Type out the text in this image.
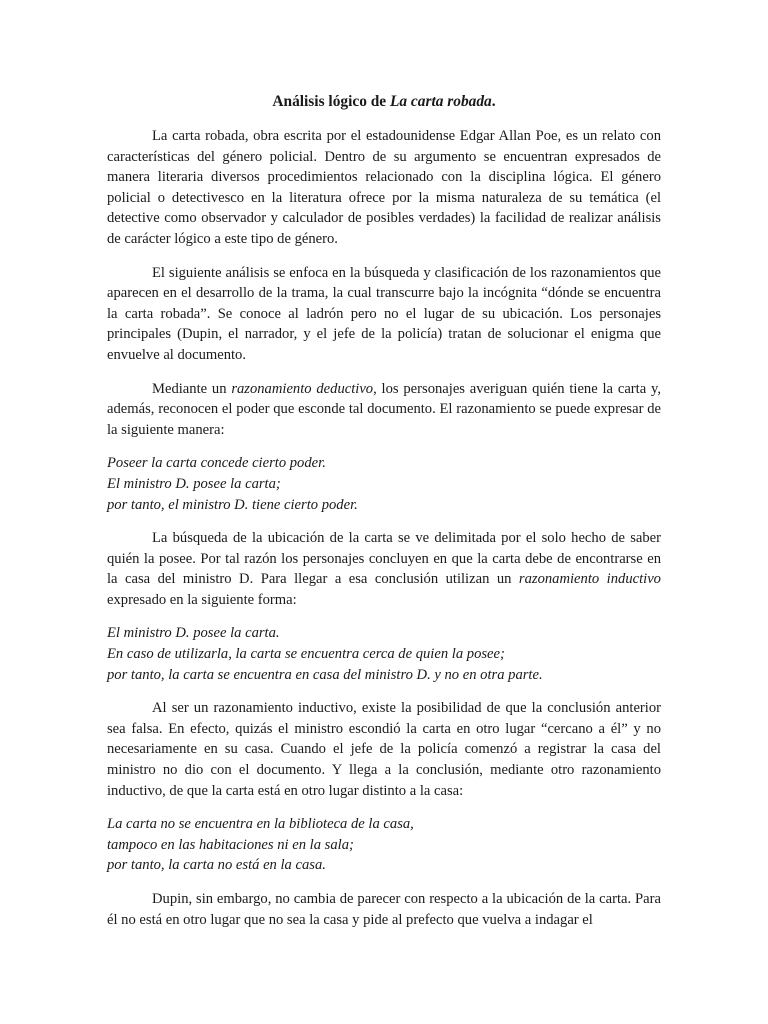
Análisis lógico de La carta robada.

La carta robada, obra escrita por el estadounidense Edgar Allan Poe, es un relato con características del género policial. Dentro de su argumento se encuentran expresados de manera literaria diversos procedimientos relacionado con la disciplina lógica. El género policial o detectivesco en la literatura ofrece por la misma naturaleza de su temática (el detective como observador y calculador de posibles verdades) la facilidad de realizar análisis de carácter lógico a este tipo de género.

El siguiente análisis se enfoca en la búsqueda y clasificación de los razonamientos que aparecen en el desarrollo de la trama, la cual transcurre bajo la incógnita “dónde se encuentra la carta robada”. Se conoce al ladrón pero no el lugar de su ubicación. Los personajes principales (Dupin, el narrador, y el jefe de la policía) tratan de solucionar el enigma que envuelve al documento.

Mediante un razonamiento deductivo, los personajes averiguan quién tiene la carta y, además, reconocen el poder que esconde tal documento. El razonamiento se puede expresar de la siguiente manera:

Poseer la carta concede cierto poder.
El ministro D. posee la carta;
por tanto, el ministro D. tiene cierto poder.

La búsqueda de la ubicación de la carta se ve delimitada por el solo hecho de saber quién la posee. Por tal razón los personajes concluyen en que la carta debe de encontrarse en la casa del ministro D. Para llegar a esa conclusión utilizan un razonamiento inductivo expresado en la siguiente forma:

El ministro D. posee la carta.
En caso de utilizarla, la carta se encuentra cerca de quien la posee;
por tanto, la carta se encuentra en casa del ministro D. y no en otra parte.

Al ser un razonamiento inductivo, existe la posibilidad de que la conclusión anterior sea falsa. En efecto, quizás el ministro escondió la carta en otro lugar “cercano a él” y no necesariamente en su casa. Cuando el jefe de la policía comenzó a registrar la casa del ministro no dio con el documento. Y llega a la conclusión, mediante otro razonamiento inductivo, de que la carta está en otro lugar distinto a la casa:

La carta no se encuentra en la biblioteca de la casa,
tampoco en las habitaciones ni en la sala;
por tanto, la carta no está en la casa.

Dupin, sin embargo, no cambia de parecer con respecto a la ubicación de la carta. Para él no está en otro lugar que no sea la casa y pide al prefecto que vuelva a indagar el
